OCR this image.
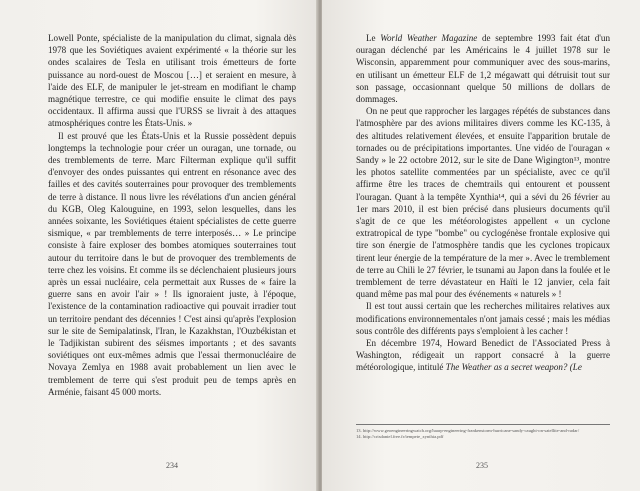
Lowell Ponte, spécialiste de la manipulation du climat, signala dès 1978 que les Soviétiques avaient expérimenté « la théorie sur les ondes scalaires de Tesla en utilisant trois émetteurs de forte puissance au nord-ouest de Moscou […] et seraient en mesure, à l'aide des ELF, de manipuler le jet-stream en modifiant le champ magnétique terrestre, ce qui modifie ensuite le climat des pays occidentaux. Il affirma aussi que l'URSS se livrait à des attaques atmosphériques contre les États-Unis. »

Il est prouvé que les États-Unis et la Russie possèdent depuis longtemps la technologie pour créer un ouragan, une tornade, ou des tremblements de terre. Marc Filterman explique qu'il suffit d'envoyer des ondes puissantes qui entrent en résonance avec des failles et des cavités souterraines pour provoquer des tremblements de terre à distance. Il nous livre les révélations d'un ancien général du KGB, Oleg Kalouguine, en 1993, selon lesquelles, dans les années soixante, les Soviétiques étaient spécialistes de cette guerre sismique, « par tremblements de terre interposés… » Le principe consiste à faire exploser des bombes atomiques souterraines tout autour du territoire dans le but de provoquer des tremblements de terre chez les voisins. Et comme ils se déclenchaient plusieurs jours après un essai nucléaire, cela permettait aux Russes de « faire la guerre sans en avoir l'air » ! Ils ignoraient juste, à l'époque, l'existence de la contamination radioactive qui pouvait irradier tout un territoire pendant des décennies ! C'est ainsi qu'après l'explosion sur le site de Semipalatinsk, l'Iran, le Kazakhstan, l'Ouzbékistan et le Tadjikistan subirent des séismes importants ; et des savants soviétiques ont eux-mêmes admis que l'essai thermonucléaire de Novaya Zemlya en 1988 avait probablement un lien avec le tremblement de terre qui s'est produit peu de temps après en Arménie, faisant 45 000 morts.

234

Le World Weather Magazine de septembre 1993 fait état d'un ouragan déclenché par les Américains le 4 juillet 1978 sur le Wisconsin, apparemment pour communiquer avec des sous-marins, en utilisant un émetteur ELF de 1,2 mégawatt qui détruisit tout sur son passage, occasionnant quelque 50 millions de dollars de dommages.

On ne peut que rapprocher les largages répétés de substances dans l'atmosphère par des avions militaires divers comme les KC-135, à des altitudes relativement élevées, et ensuite l'apparition brutale de tornades ou de précipitations importantes. Une vidéo de l'ouragan « Sandy » le 22 octobre 2012, sur le site de Dane Wigington¹³, montre les photos satellite commentées par un spécialiste, avec ce qu'il affirme être les traces de chemtrails qui entourent et poussent l'ouragan. Quant à la tempête Xynthia¹⁴, qui a sévi du 26 février au 1er mars 2010, il est bien précisé dans plusieurs documents qu'il s'agit de ce que les météorologistes appellent « un cyclone extratropical de type "bombe" ou cyclogénèse frontale explosive qui tire son énergie de l'atmosphère tandis que les cyclones tropicaux tirent leur énergie de la température de la mer ». Avec le tremblement de terre au Chili le 27 février, le tsunami au Japon dans la foulée et le tremblement de terre dévastateur en Haïti le 12 janvier, cela fait quand même pas mal pour des événements « naturels » !

Il est tout aussi certain que les recherches militaires relatives aux modifications environnementales n'ont jamais cessé ; mais les médias sous contrôle des différents pays s'emploient à les cacher !

En décembre 1974, Howard Benedict de l'Associated Press à Washington, rédigeait un rapport consacré à la guerre météorologique, intitulé The Weather as a secret weapon? (Le

13. http://www.geoengineeringwatch.org/haarp-engineering-frankenstorm-hurricane-sandy-caught-on-satellite-and-radar/
14. http://crisdaniel.free.fr/tempete_xynthia.pdf
235
